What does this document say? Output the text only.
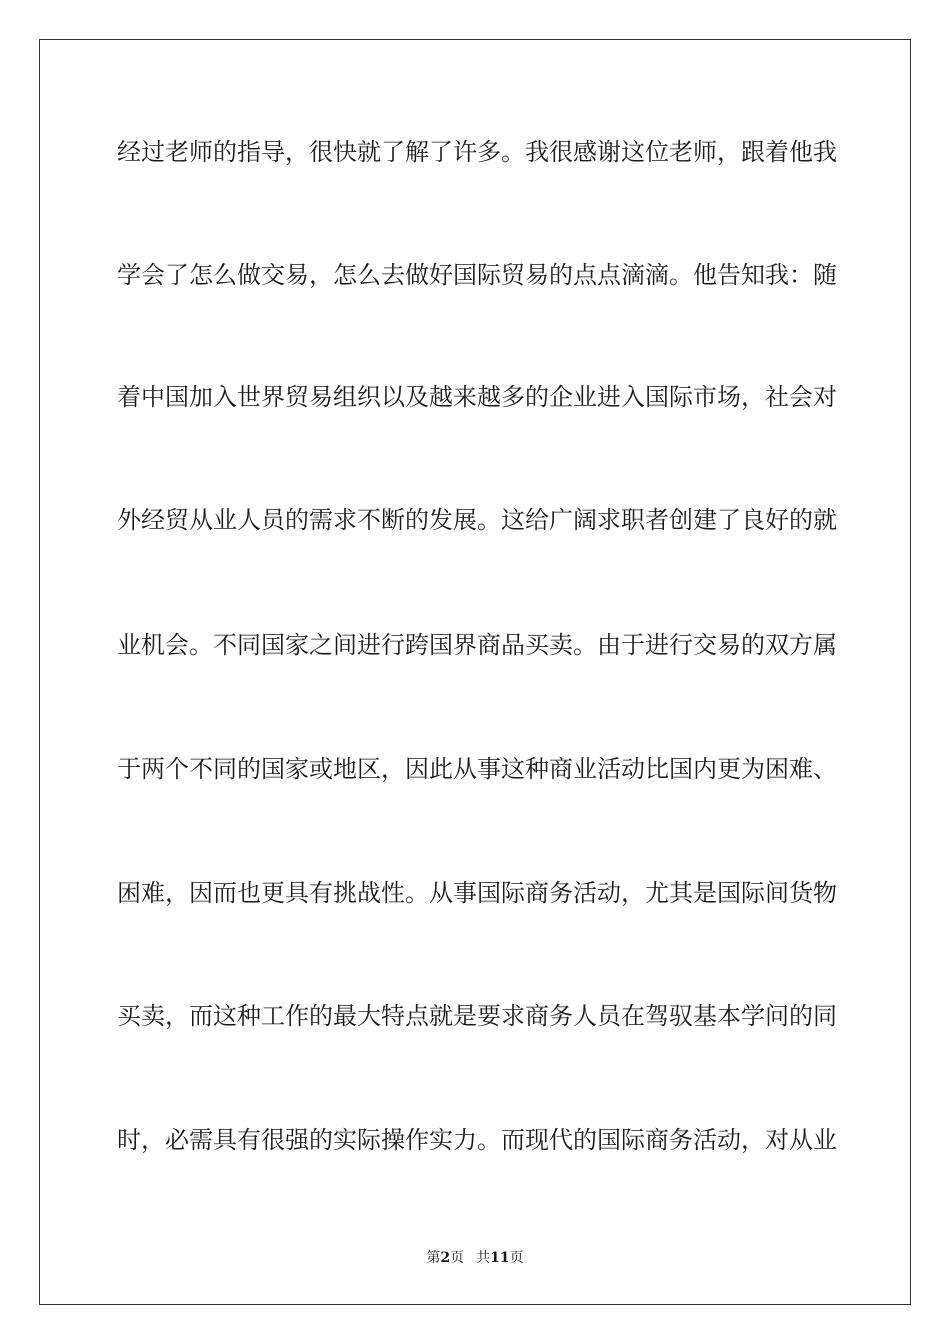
经过老师的指导，很快就了解了许多。我很感谢这位老师，跟着他我
学会了怎么做交易，怎么去做好国际贸易的点点滴滴。他告知我：随
着中国加入世界贸易组织以及越来越多的企业进入国际市场，社会对
外经贸从业人员的需求不断的发展。这给广阔求职者创建了良好的就
业机会。不同国家之间进行跨国界商品买卖。由于进行交易的双方属
于两个不同的国家或地区，因此从事这种商业活动比国内更为困难、
困难，因而也更具有挑战性。从事国际商务活动，尤其是国际间货物
买卖，而这种工作的最大特点就是要求商务人员在驾驭基本学问的同
时，必需具有很强的实际操作实力。而现代的国际商务活动，对从业
第2页 共11页
